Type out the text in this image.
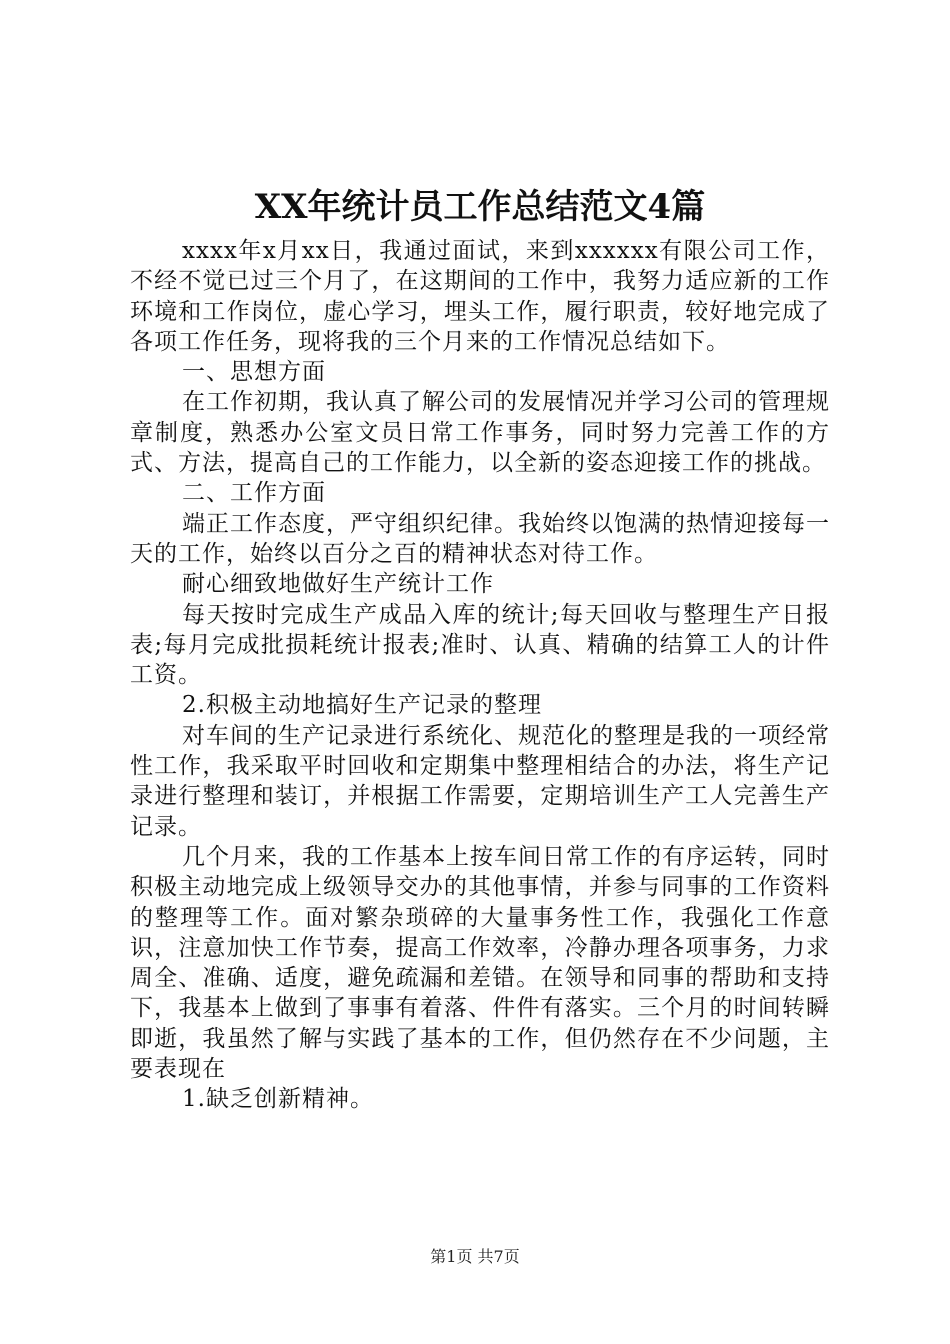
XX年统计员工作总结范文4篇

xxxx年x月xx日，我通过面试，来到xxxxxx有限公司工作，不经不觉已过三个月了，在这期间的工作中，我努力适应新的工作环境和工作岗位，虚心学习，埋头工作，履行职责，较好地完成了各项工作任务，现将我的三个月来的工作情况总结如下。

一、思想方面

在工作初期，我认真了解公司的发展情况并学习公司的管理规章制度，熟悉办公室文员日常工作事务，同时努力完善工作的方式、方法，提高自己的工作能力，以全新的姿态迎接工作的挑战。

二、工作方面

端正工作态度，严守组织纪律。我始终以饱满的热情迎接每一天的工作，始终以百分之百的精神状态对待工作。

耐心细致地做好生产统计工作

每天按时完成生产成品入库的统计;每天回收与整理生产日报表;每月完成批损耗统计报表;准时、认真、精确的结算工人的计件工资。

2.积极主动地搞好生产记录的整理

对车间的生产记录进行系统化、规范化的整理是我的一项经常性工作，我采取平时回收和定期集中整理相结合的办法，将生产记录进行整理和装订，并根据工作需要，定期培训生产工人完善生产记录。

几个月来，我的工作基本上按车间日常工作的有序运转，同时积极主动地完成上级领导交办的其他事情，并参与同事的工作资料的整理等工作。面对繁杂琐碎的大量事务性工作，我强化工作意识，注意加快工作节奏，提高工作效率，冷静办理各项事务，力求周全、准确、适度，避免疏漏和差错。在领导和同事的帮助和支持下，我基本上做到了事事有着落、件件有落实。三个月的时间转瞬即逝，我虽然了解与实践了基本的工作，但仍然存在不少问题，主要表现在

1.缺乏创新精神。

第1页 共7页
